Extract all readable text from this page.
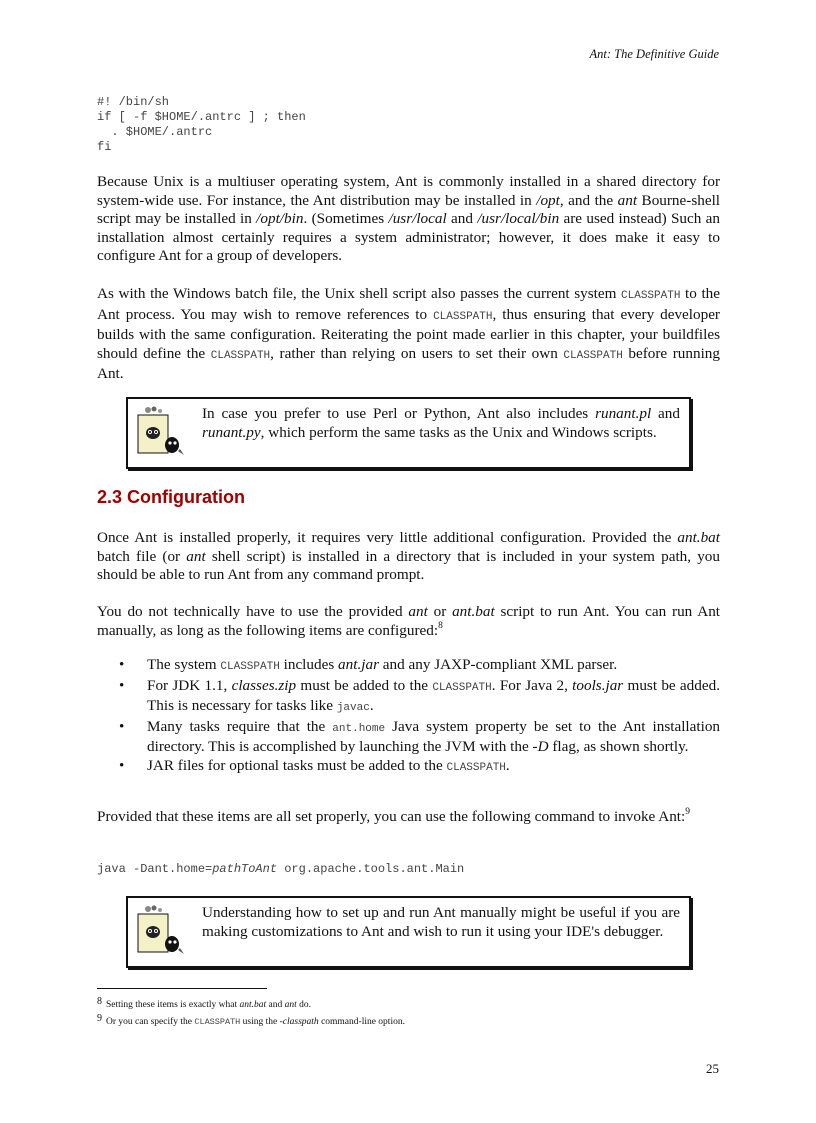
Ant: The Definitive Guide
#! /bin/sh
if [ -f $HOME/.antrc ] ; then
. $HOME/.antrc
fi

Because Unix is a multiuser operating system, Ant is commonly installed in a shared directory for system-wide use. For instance, the Ant distribution may be installed in /opt, and the ant Bourne-shell script may be installed in /opt/bin. (Sometimes /usr/local and /usr/local/bin are used instead) Such an installation almost certainly requires a system administrator; however, it does make it easy to configure Ant for a group of developers.

As with the Windows batch file, the Unix shell script also passes the current system CLASSPATH to the Ant process. You may wish to remove references to CLASSPATH, thus ensuring that every developer builds with the same configuration. Reiterating the point made earlier in this chapter, your buildfiles should define the CLASSPATH, rather than relying on users to set their own CLASSPATH before running Ant.

In case you prefer to use Perl or Python, Ant also includes runant.pl and runant.py, which perform the same tasks as the Unix and Windows scripts.
2.3 Configuration

Once Ant is installed properly, it requires very little additional configuration. Provided the ant.bat batch file (or ant shell script) is installed in a directory that is included in your system path, you should be able to run Ant from any command prompt.

You do not technically have to use the provided ant or ant.bat script to run Ant. You can run Ant manually, as long as the following items are configured:$^8$

• The system CLASSPATH includes ant.jar and any JAXP-compliant XML parser.
• For JDK 1.1, classes.zip must be added to the CLASSPATH. For Java 2, tools.jar must be added. This is necessary for tasks like javac.
• Many tasks require that the ant.home Java system property be set to the Ant installation directory. This is accomplished by launching the JVM with the -D flag, as shown shortly.
• JAR files for optional tasks must be added to the CLASSPATH.

Provided that these items are all set properly, you can use the following command to invoke Ant:$^9$

java -Dant.home=pathToAnt org.apache.tools.ant.Main
Understanding how to set up and run Ant manually might be useful if you are making customizations to Ant and wish to run it using your IDE's debugger.
$^8$ Setting these items is exactly what ant.bat and ant do.
$^9$ Or you can specify the CLASSPATH using the -classpath command-line option.
25
